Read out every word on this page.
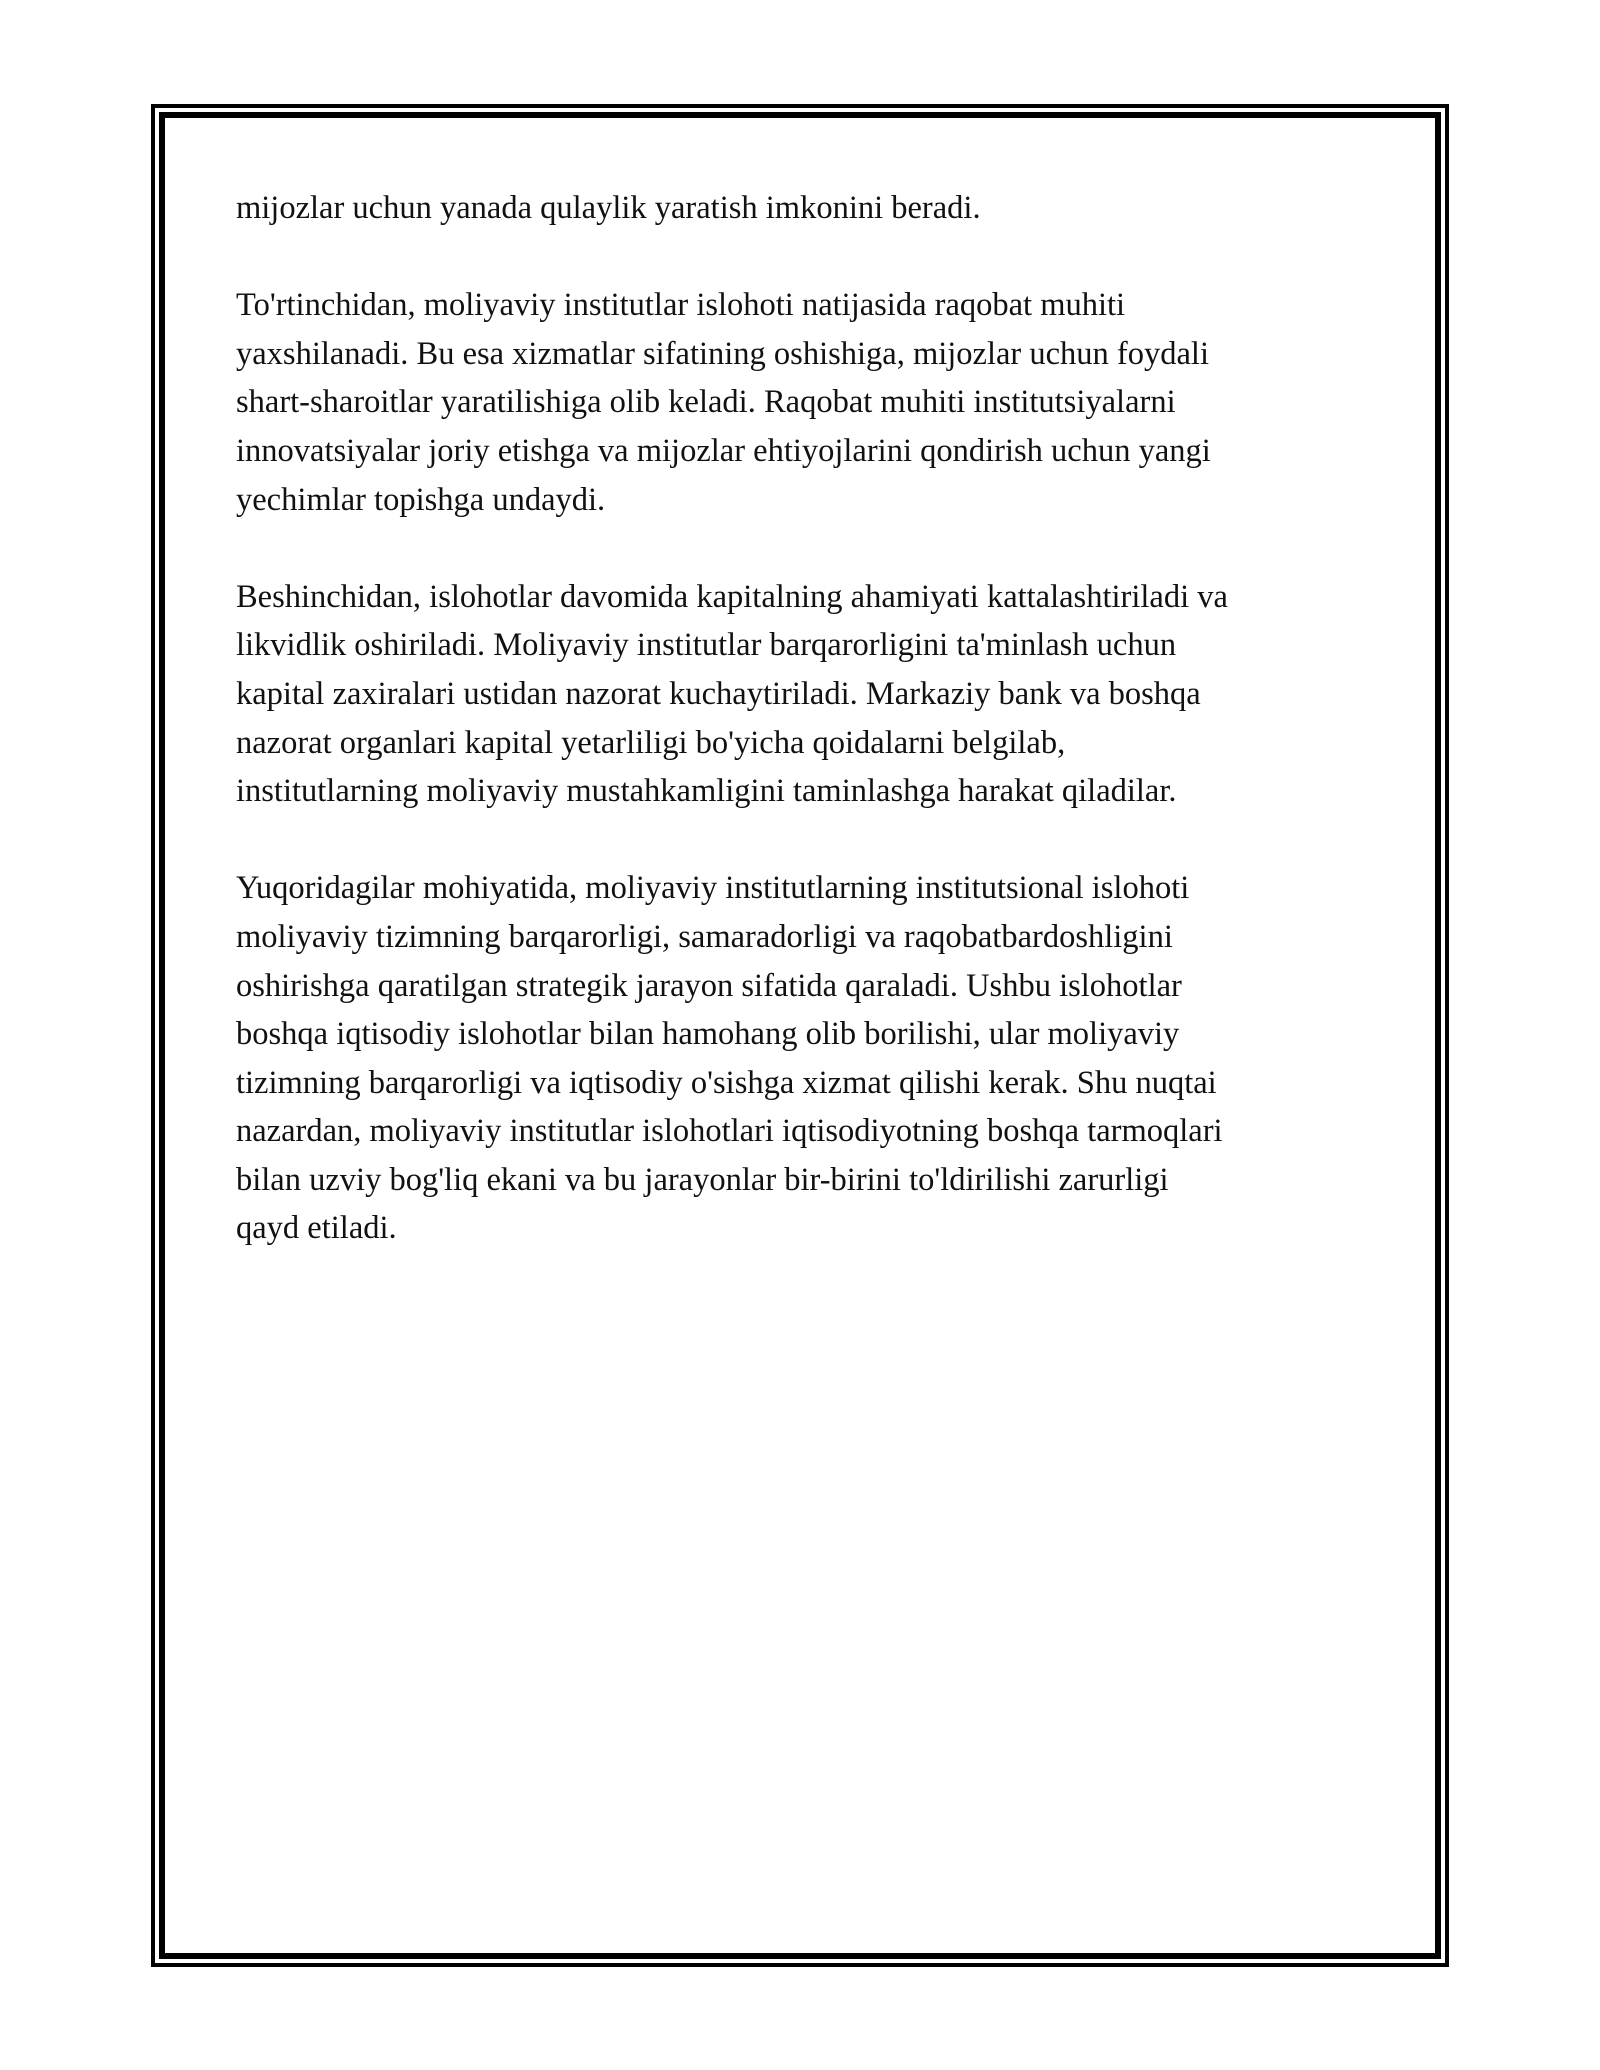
mijozlar uchun yanada qulaylik yaratish imkonini beradi.

To'rtinchidan, moliyaviy institutlar islohoti natijasida raqobat muhiti
yaxshilanadi. Bu esa xizmatlar sifatining oshishiga, mijozlar uchun foydali
shart-sharoitlar yaratilishiga olib keladi. Raqobat muhiti institutsiyalarni
innovatsiyalar joriy etishga va mijozlar ehtiyojlarini qondirish uchun yangi
yechimlar topishga undaydi.

Beshinchidan, islohotlar davomida kapitalning ahamiyati kattalashtiriladi va
likvidlik oshiriladi. Moliyaviy institutlar barqarorligini ta'minlash uchun
kapital zaxiralari ustidan nazorat kuchaytiriladi. Markaziy bank va boshqa
nazorat organlari kapital yetarliligi bo'yicha qoidalarni belgilab,
institutlarning moliyaviy mustahkamligini taminlashga harakat qiladilar.

Yuqoridagilar mohiyatida, moliyaviy institutlarning institutsional islohoti
moliyaviy tizimning barqarorligi, samaradorligi va raqobatbardoshligini
oshirishga qaratilgan strategik jarayon sifatida qaraladi. Ushbu islohotlar
boshqa iqtisodiy islohotlar bilan hamohang olib borilishi, ular moliyaviy
tizimning barqarorligi va iqtisodiy o'sishga xizmat qilishi kerak. Shu nuqtai
nazardan, moliyaviy institutlar islohotlari iqtisodiyotning boshqa tarmoqlari
bilan uzviy bog'liq ekani va bu jarayonlar bir-birini to'ldirilishi zarurligi
qayd etiladi.
